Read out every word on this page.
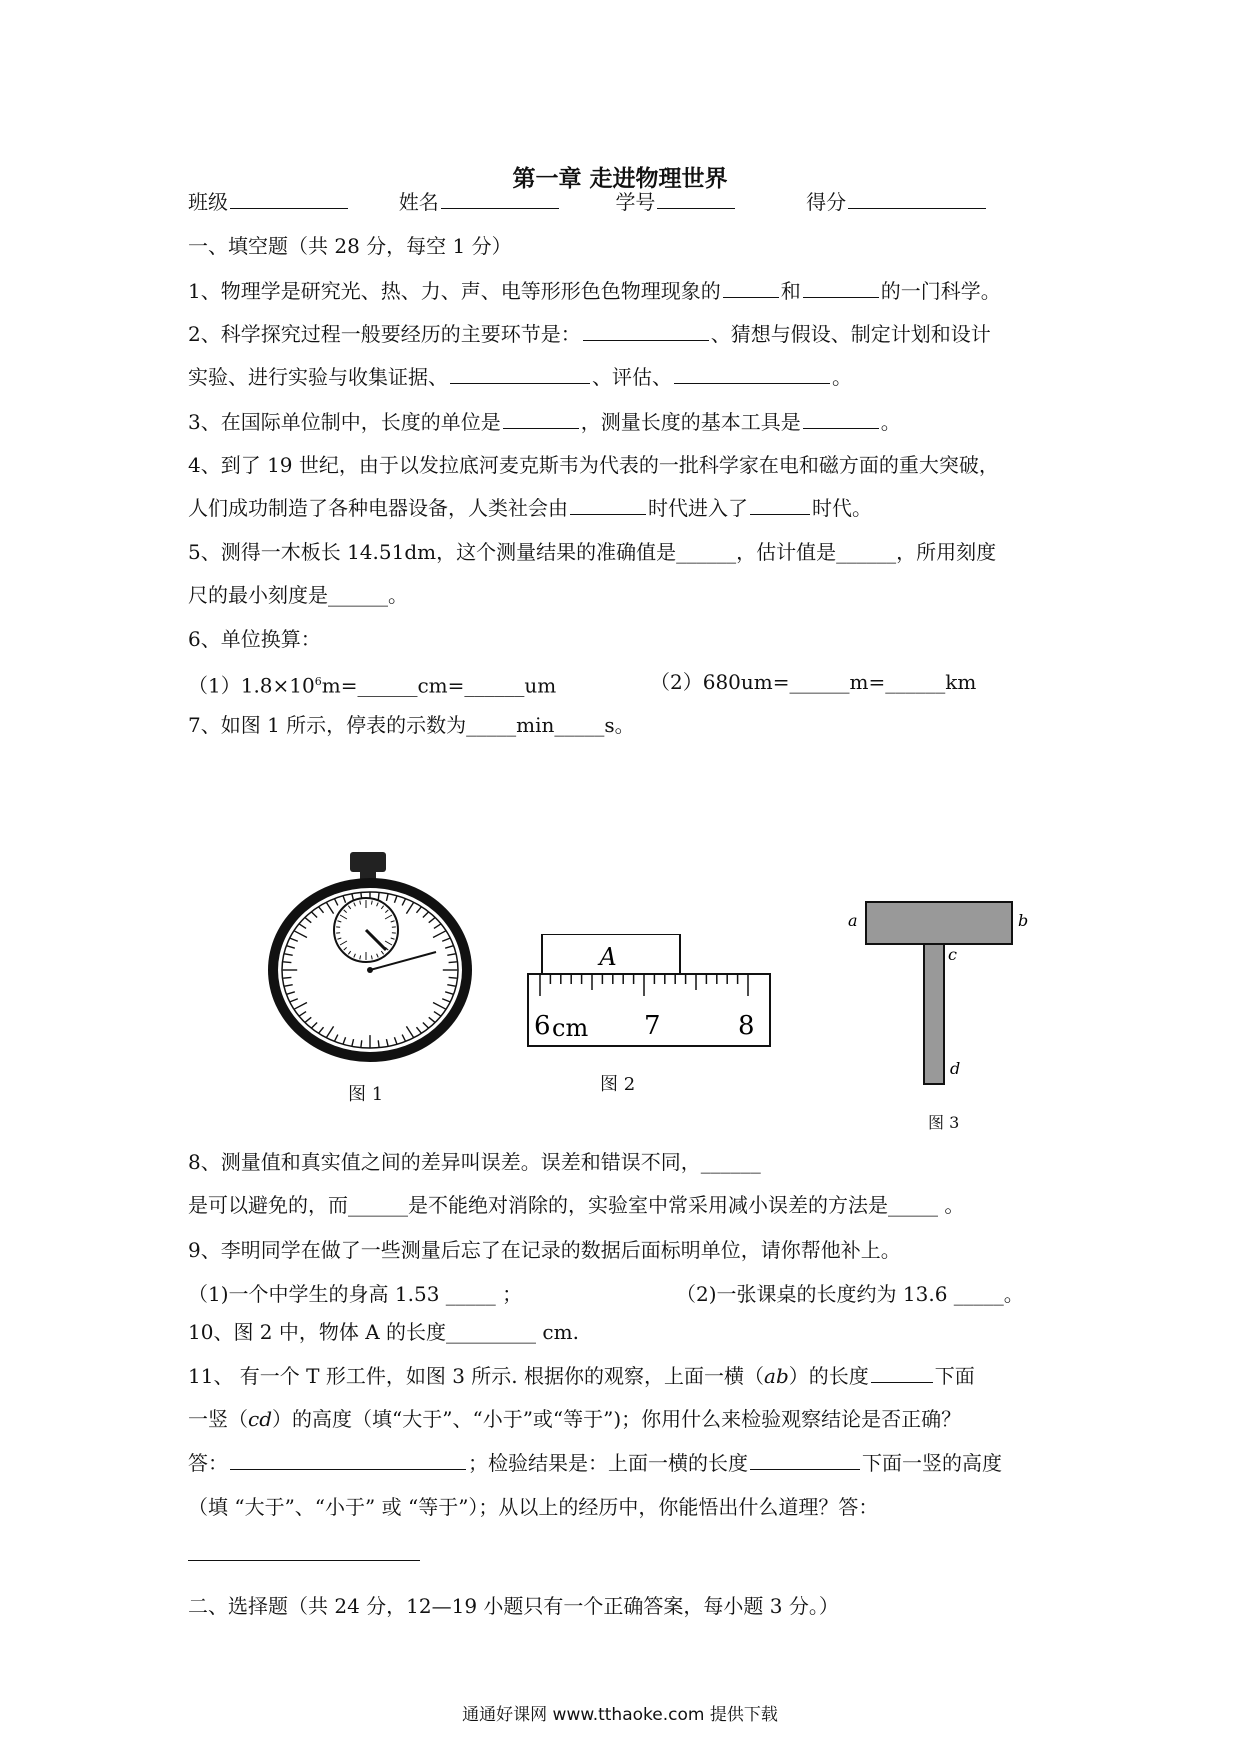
第一章 走进物理世界
班级	姓名	学号	得分
一、填空题（共 28 分，每空 1 分）
1、物理学是研究光、热、力、声、电等形形色色物理现象的	和	的一门科学。
2、科学探究过程一般要经历的主要环节是：	、猜想与假设、制定计划和设计
实验、进行实验与收集证据、	、评估、	。
3、在国际单位制中，长度的单位是	，测量长度的基本工具是	。
4、到了 19 世纪，由于以发拉底河麦克斯韦为代表的一批科学家在电和磁方面的重大突破，
人们成功制造了各种电器设备，人类社会由	时代进入了	时代。
5、测得一木板长 14.51dm，这个测量结果的准确值是______，估计值是______，所用刻度
尺的最小刻度是______。
6、单位换算：
$(1)1.8\times 10^6m=\_\_\_\_\_\_cm=\_\_\_\_\_\_um$	（2）680um=______m=______km
7、如图 1 所示，停表的示数为_____min_____s。
图 1
A
6 cm 7	8
图 2
a	b
c
d
图 3
8、测量值和真实值之间的差异叫误差。误差和错误不同，______
是可以避免的，而______是不能绝对消除的，实验室中常采用减小误差的方法是_____ 。
9、李明同学在做了一些测量后忘了在记录的数据后面标明单位，请你帮他补上。
（1)一个中学生的身高 1.53 _____ ；	（2)一张课桌的长度约为 13.6 _____。
10、图 2 中，物体 A 的长度_________ cm.
11、 有一个 T 形工件，如图 3 所示. 根据你的观察，上面一横（ab）的长度	下面
一竖（cd）的高度（填“大于”、“小于”或“等于”)；你用什么来检验观察结论是否正确？
答：	；检验结果是：上面一横的长度	下面一竖的高度
（填 “大于”、“小于” 或 “等于”）；从以上的经历中，你能悟出什么道理？答：
二、选择题（共 24 分，12—19 小题只有一个正确答案，每小题 3 分。）
通通好课网 www.tthaoke.com 提供下载
